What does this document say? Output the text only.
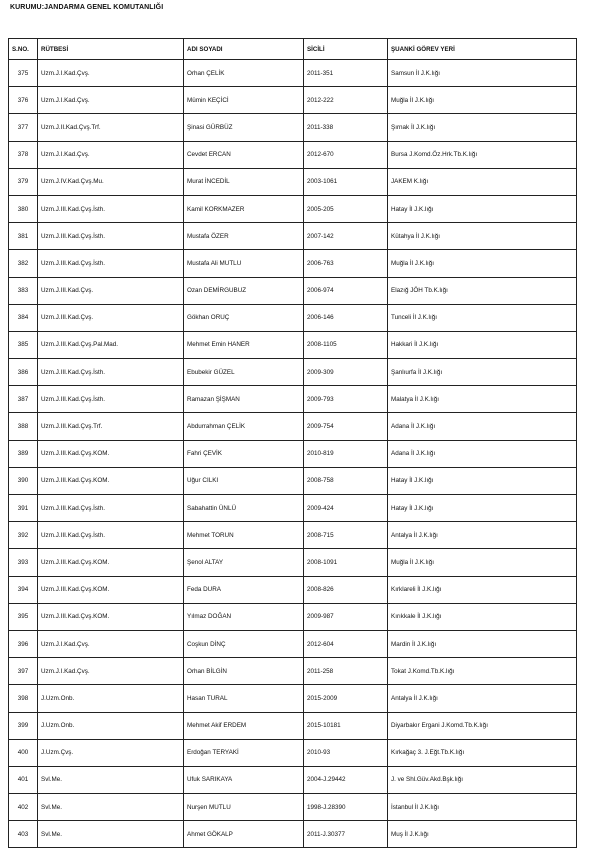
KURUMU:JANDARMA GENEL KOMUTANLIĞI
S.NO.	RÜTBESİ	ADI SOYADI	SİCİLİ	ŞUANKİ GÖREV YERİ
375	Uzm.J.I.Kad.Çvş.	Orhan ÇELİK	2011-351	Samsun İl J.K.lığı
376	Uzm.J.I.Kad.Çvş.	Mümin KEÇİCİ	2012-222	Muğla İl J.K.lığı
377	Uzm.J.II.Kad.Çvş.Trf.	Şinasi GÜRBÜZ	2011-338	Şırnak İl J.K.lığı
378	Uzm.J.I.Kad.Çvş.	Cevdet ERCAN	2012-670	Bursa J.Komd.Öz.Hrk.Tb.K.lığı
379	Uzm.J.IV.Kad.Çvş.Mu.	Murat İNCEDİL	2003-1061	JAKEM K.lığı
380	Uzm.J.III.Kad.Çvş.İsth.	Kamil KORKMAZER	2005-205	Hatay İl J.K.lığı
381	Uzm.J.III.Kad.Çvş.İsth.	Mustafa ÖZER	2007-142	Kütahya İl J.K.lığı
382	Uzm.J.III.Kad.Çvş.İsth.	Mustafa Ali MUTLU	2006-763	Muğla İl J.K.lığı
383	Uzm.J.III.Kad.Çvş.	Ozan DEMİRGUBUZ	2006-974	Elazığ JÖH Tb.K.lığı
384	Uzm.J.III.Kad.Çvş.	Gökhan ORUÇ	2006-146	Tunceli İl J.K.lığı
385	Uzm.J.III.Kad.Çvş.Pal.Mad.	Mehmet Emin HANER	2008-1105	Hakkari İl J.K.lığı
386	Uzm.J.III.Kad.Çvş.İsth.	Ebubekir GÜZEL	2009-309	Şanlıurfa İl J.K.lığı
387	Uzm.J.III.Kad.Çvş.İsth.	Ramazan ŞİŞMAN	2009-793	Malatya İl J.K.lığı
388	Uzm.J.III.Kad.Çvş.Trf.	Abdurrahman ÇELİK	2009-754	Adana İl J.K.lığı
389	Uzm.J.III.Kad.Çvş.KOM.	Fahri ÇEVİK	2010-819	Adana İl J.K.lığı
390	Uzm.J.III.Kad.Çvş.KOM.	Uğur CILKI	2008-758	Hatay İl J.K.lığı
391	Uzm.J.III.Kad.Çvş.İsth.	Sabahattin ÜNLÜ	2009-424	Hatay İl J.K.lığı
392	Uzm.J.III.Kad.Çvş.İsth.	Mehmet TORUN	2008-715	Antalya İl J.K.lığı
393	Uzm.J.III.Kad.Çvş.KOM.	Şenol ALTAY	2008-1091	Muğla İl J.K.lığı
394	Uzm.J.III.Kad.Çvş.KOM.	Feda DURA	2008-826	Kırklareli İl J.K.lığı
395	Uzm.J.III.Kad.Çvş.KOM.	Yılmaz DOĞAN	2009-987	Kırıkkale İl J.K.lığı
396	Uzm.J.I.Kad.Çvş.	Coşkun DİNÇ	2012-604	Mardin İl J.K.lığı
397	Uzm.J.I.Kad.Çvş.	Orhan BİLGİN	2011-258	Tokat J.Komd.Tb.K.lığı
398	J.Uzm.Onb.	Hasan TURAL	2015-2009	Antalya İl J.K.lığı
399	J.Uzm.Onb.	Mehmet Akif ERDEM	2015-10181	Diyarbakır Ergani J.Komd.Tb.K.lığı
400	J.Uzm.Çvş.	Erdoğan TERYAKİ	2010-93	Kırkağaç 3. J.Eğt.Tb.K.lığı
401	Svl.Me.	Ufuk SARIKAYA	2004-J.29442	J. ve Shl.Güv.Akd.Bşk.lığı
402	Svl.Me.	Nurşen MUTLU	1998-J.28390	İstanbul İl J.K.lığı
403	Svl.Me.	Ahmet GÖKALP	2011-J.30377	Muş İl J.K.lığı
